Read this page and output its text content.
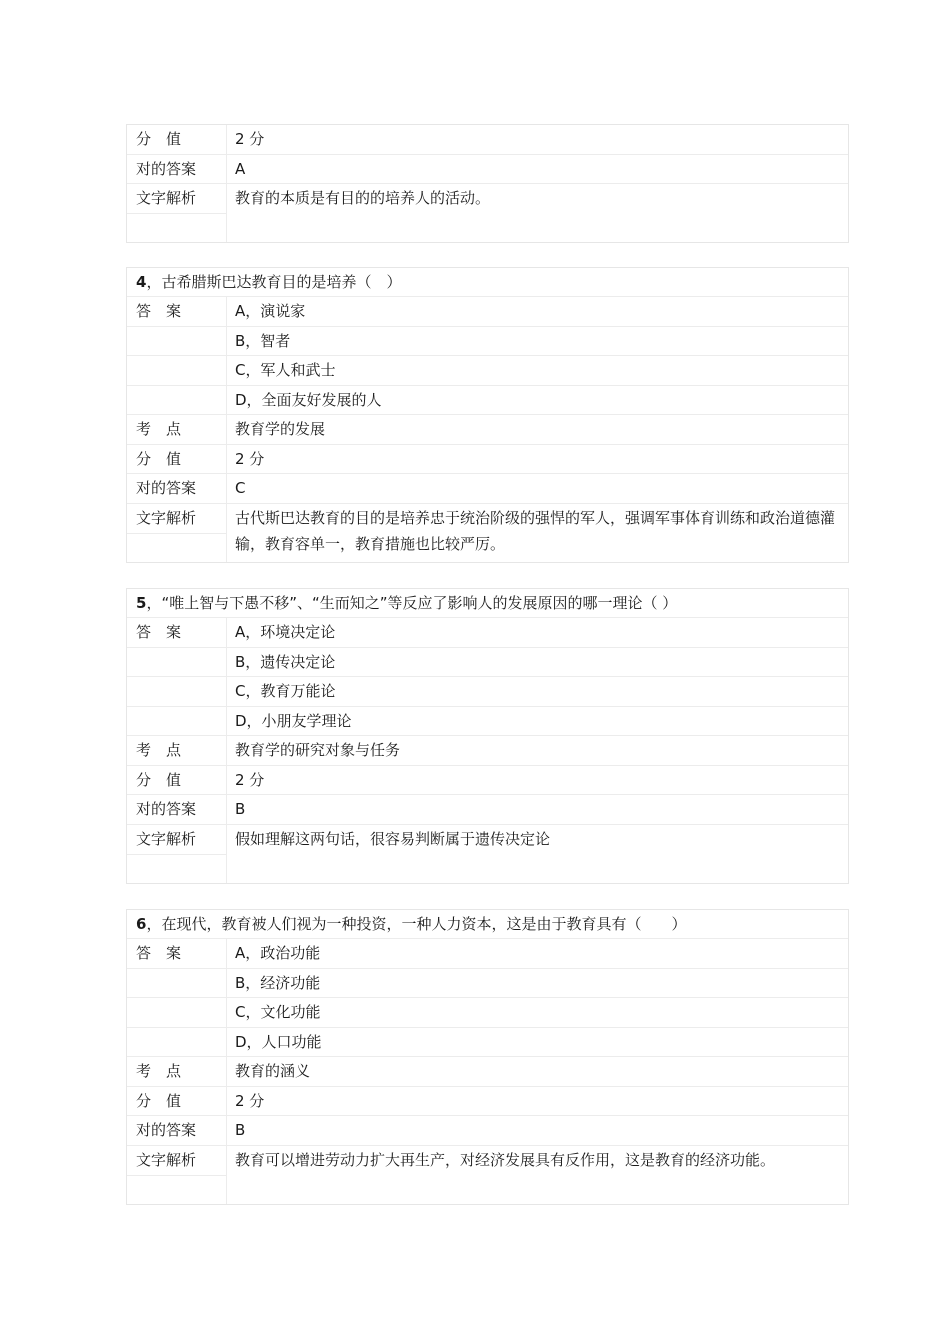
分　值	2 分
对的答案	A
文字解析	教育的本质是有目的的培养人的活动。
4，古希腊斯巴达教育目的是培养（　）
答　案	A，演说家
B，智者
C，军人和武士
D，全面友好发展的人
考　点	教育学的发展
分　值	2 分
对的答案	C
文字解析	古代斯巴达教育的目的是培养忠于统治阶级的强悍的军人，强调军事体育训练和政治道德灌输，教育容单一，教育措施也比较严厉。
5，“唯上智与下愚不移”、“生而知之”等反应了影响人的发展原因的哪一理论（ ）
答　案	A，环境决定论
B，遗传决定论
C，教育万能论
D，小朋友学理论
考　点	教育学的研究对象与任务
分　值	2 分
对的答案	B
文字解析	假如理解这两句话，很容易判断属于遗传决定论
6，在现代，教育被人们视为一种投资，一种人力资本，这是由于教育具有（　　）
答　案	A，政治功能
B，经济功能
C，文化功能
D，人口功能
考　点	教育的涵义
分　值	2 分
对的答案	B
文字解析	教育可以增进劳动力扩大再生产，对经济发展具有反作用，这是教育的经济功能。
